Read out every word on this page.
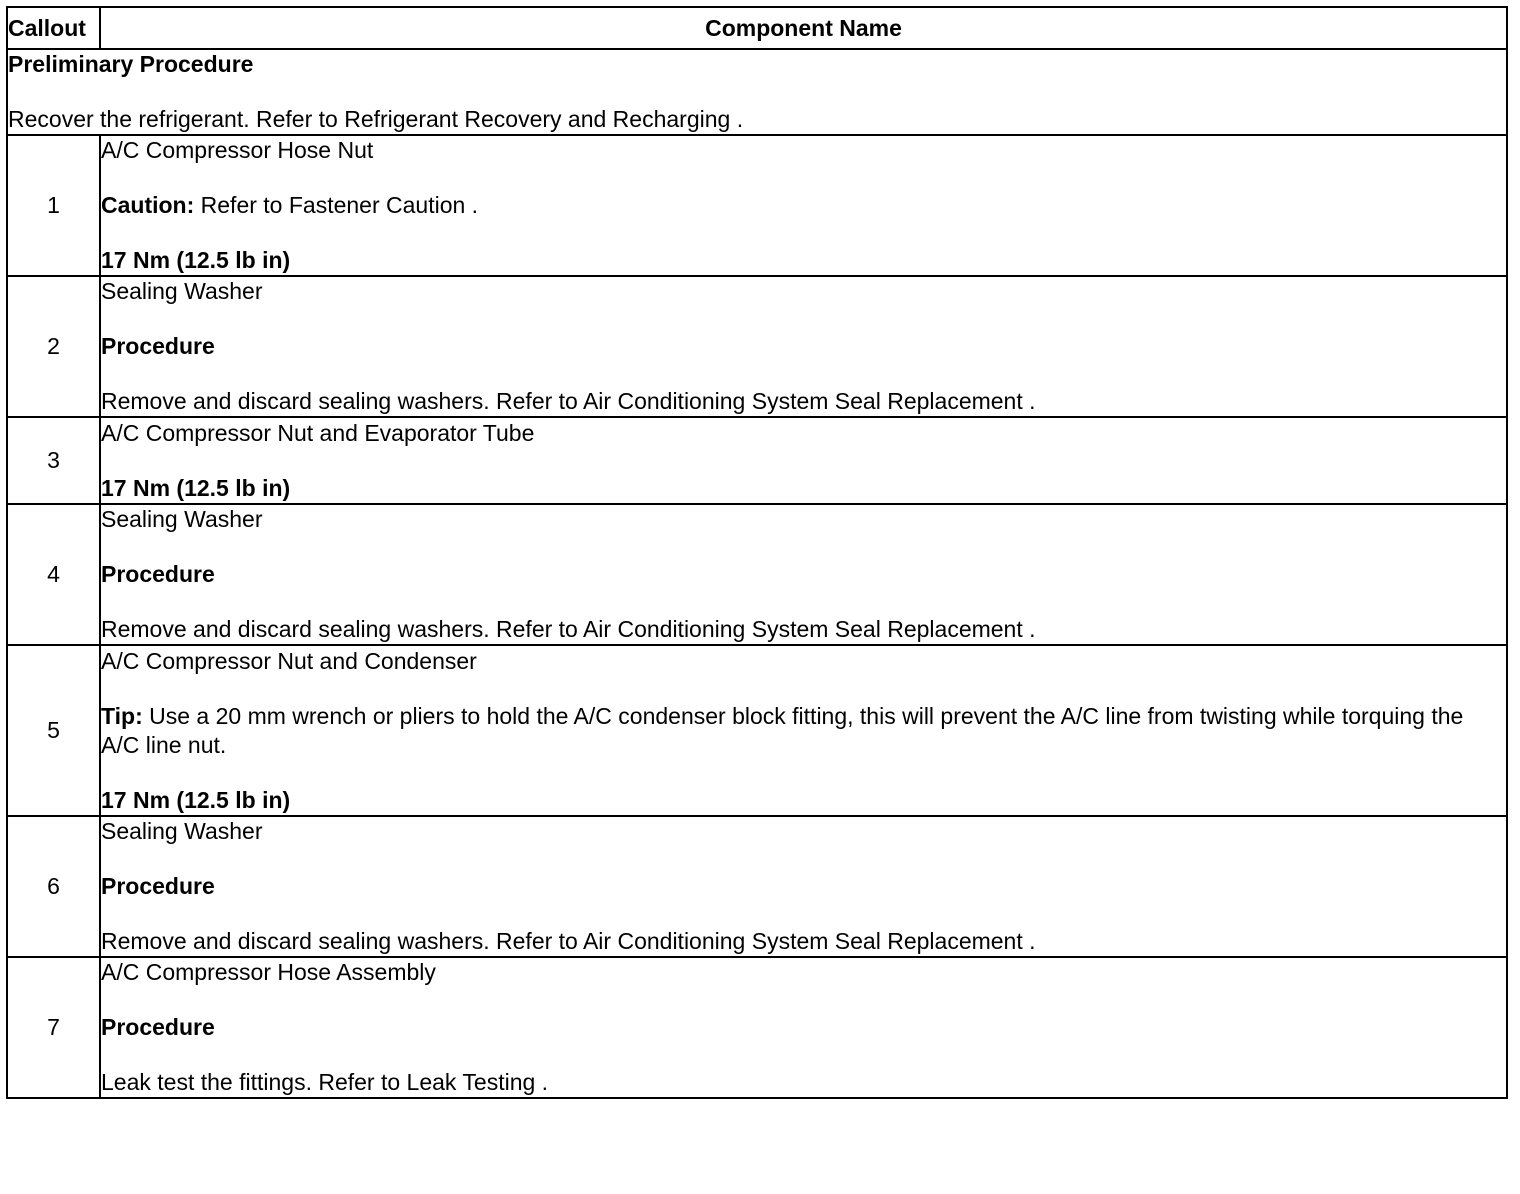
Callout	Component Name

Preliminary Procedure
Recover the refrigerant. Refer to Refrigerant Recovery and Recharging .	

1	A/C Compressor Hose Nut
Caution: Refer to Fastener Caution .
17 Nm (12.5 lb in)

2	Sealing Washer
Procedure
Remove and discard sealing washers. Refer to Air Conditioning System Seal Replacement .

3	A/C Compressor Nut and Evaporator Tube
17 Nm (12.5 lb in)

4	Sealing Washer
Procedure
Remove and discard sealing washers. Refer to Air Conditioning System Seal Replacement .

5	A/C Compressor Nut and Condenser
Tip: Use a 20 mm wrench or pliers to hold the A/C condenser block fitting, this will prevent the A/C line from twisting while torquing the A/C line nut.
17 Nm (12.5 lb in)

6	Sealing Washer
Procedure
Remove and discard sealing washers. Refer to Air Conditioning System Seal Replacement .

7	A/C Compressor Hose Assembly
Procedure
Leak test the fittings. Refer to Leak Testing .
